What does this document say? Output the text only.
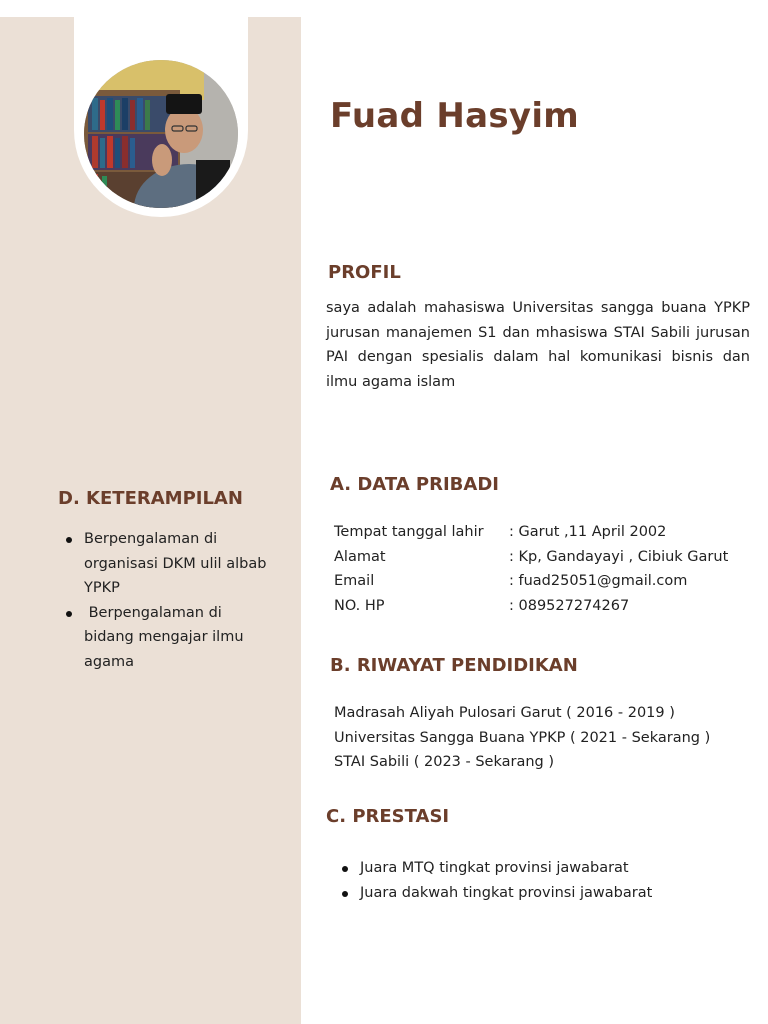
Fuad Hasyim
PROFIL
saya adalah mahasiswa Universitas sangga buana YPKP jurusan manajemen S1 dan mhasiswa STAI Sabili jurusan PAI dengan spesialis dalam hal komunikasi bisnis dan ilmu agama islam
A. DATA PRIBADI
Tempat tanggal lahir	: Garut ,11 April 2002
Alamat	: Kp, Gandayayi , Cibiuk Garut
Email	: fuad25051@gmail.com
NO. HP	: 089527274267
B. RIWAYAT PENDIDIKAN
Madrasah Aliyah Pulosari Garut ( 2016 - 2019 )
Universitas Sangga Buana YPKP ( 2021 - Sekarang )
STAI Sabili ( 2023 - Sekarang )
C. PRESTASI
Juara MTQ tingkat provinsi jawabarat
Juara dakwah tingkat provinsi jawabarat
D. KETERAMPILAN
Berpengalaman di organisasi DKM ulil albab YPKP
Berpengalaman di bidang mengajar ilmu agama
